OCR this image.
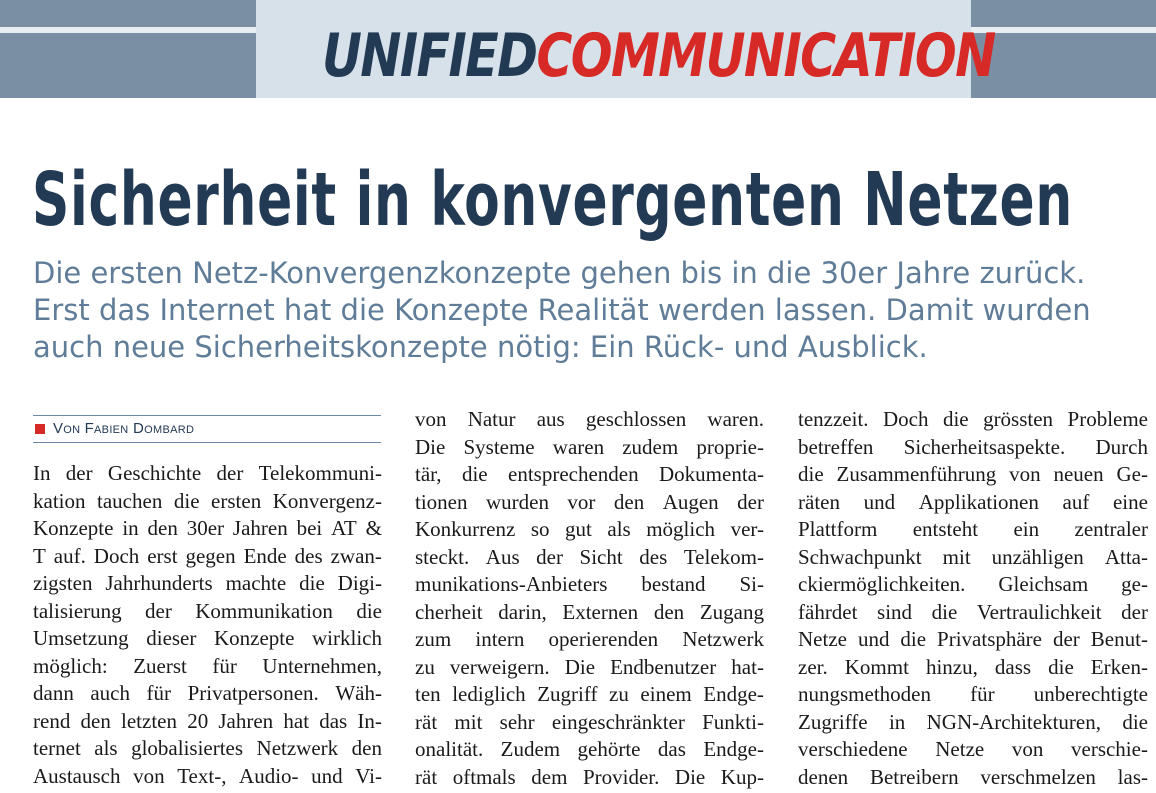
UNIFIEDCOMMUNICATION
Sicherheit in konvergenten Netzen
Die ersten Netz-Konvergenzkonzepte gehen bis in die 30er Jahre zurück.
Erst das Internet hat die Konzepte Realität werden lassen. Damit wurden
auch neue Sicherheitskonzepte nötig: Ein Rück- und Ausblick.
Von Fabien Dombard
In der Geschichte der Telekommuni-
kation tauchen die ersten Konvergenz-
Konzepte in den 30er Jahren bei AT &
T auf. Doch erst gegen Ende des zwan-
zigsten Jahrhunderts machte die Digi-
talisierung der Kommunikation die
Umsetzung dieser Konzepte wirklich
möglich: Zuerst für Unternehmen,
dann auch für Privatpersonen. Wäh-
rend den letzten 20 Jahren hat das In-
ternet als globalisiertes Netzwerk den
Austausch von Text-, Audio- und Vi-
von Natur aus geschlossen waren.
Die Systeme waren zudem proprie-
tär, die entsprechenden Dokumenta-
tionen wurden vor den Augen der
Konkurrenz so gut als möglich ver-
steckt. Aus der Sicht des Telekom-
munikations-Anbieters bestand Si-
cherheit darin, Externen den Zugang
zum intern operierenden Netzwerk
zu verweigern. Die Endbenutzer hat-
ten lediglich Zugriff zu einem Endge-
rät mit sehr eingeschränkter Funkti-
onalität. Zudem gehörte das Endge-
rät oftmals dem Provider. Die Kup-
tenzzeit. Doch die grössten Probleme
betreffen Sicherheitsaspekte. Durch
die Zusammenführung von neuen Ge-
räten und Applikationen auf eine
Plattform entsteht ein zentraler
Schwachpunkt mit unzähligen Atta-
ckiermöglichkeiten. Gleichsam ge-
fährdet sind die Vertraulichkeit der
Netze und die Privatsphäre der Benut-
zer. Kommt hinzu, dass die Erken-
nungsmethoden für unberechtigte
Zugriffe in NGN-Architekturen, die
verschiedene Netze von verschie-
denen Betreibern verschmelzen las-
